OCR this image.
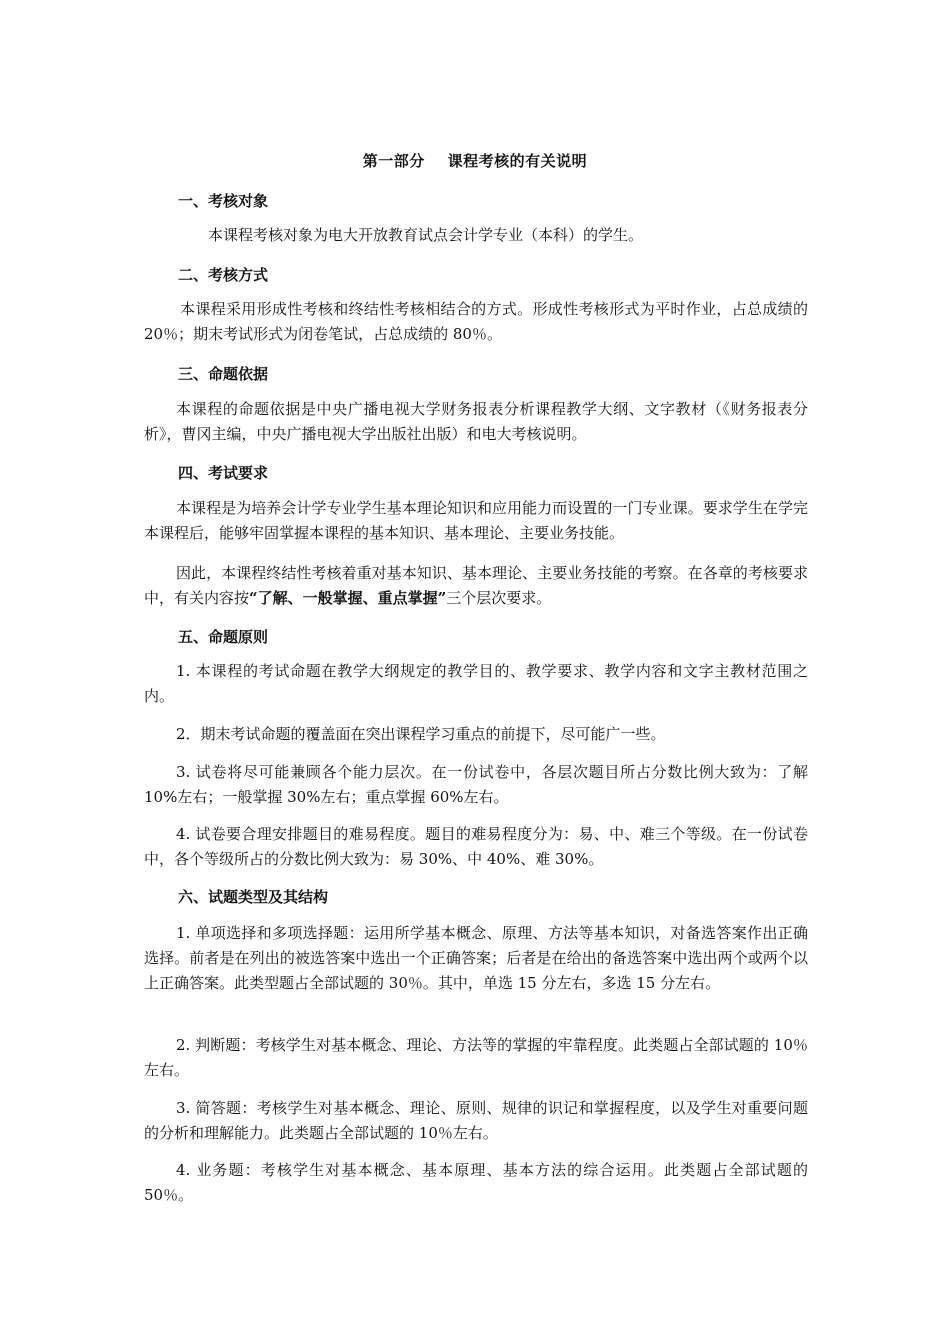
第一部分    课程考核的有关说明
一、考核对象
本课程考核对象为电大开放教育试点会计学专业（本科）的学生。
二、考核方式
本课程采用形成性考核和终结性考核相结合的方式。形成性考核形式为平时作业，占总成绩的 20％；期末考试形式为闭卷笔试，占总成绩的 80％。
三、命题依据
本课程的命题依据是中央广播电视大学财务报表分析课程教学大纲、文字教材（《财务报表分析》，曹冈主编，中央广播电视大学出版社出版）和电大考核说明。
四、考试要求
本课程是为培养会计学专业学生基本理论知识和应用能力而设置的一门专业课。要求学生在学完本课程后，能够牢固掌握本课程的基本知识、基本理论、主要业务技能。
因此，本课程终结性考核着重对基本知识、基本理论、主要业务技能的考察。在各章的考核要求中，有关内容按“了解、一般掌握、重点掌握”三个层次要求。
五、命题原则
1. 本课程的考试命题在教学大纲规定的教学目的、教学要求、教学内容和文字主教材范围之内。
2．期末考试命题的覆盖面在突出课程学习重点的前提下，尽可能广一些。
3. 试卷将尽可能兼顾各个能力层次。在一份试卷中，各层次题目所占分数比例大致为：了解 10%左右；一般掌握 30%左右；重点掌握 60%左右。
4. 试卷要合理安排题目的难易程度。题目的难易程度分为：易、中、难三个等级。在一份试卷中，各个等级所占的分数比例大致为：易 30%、中 40%、难 30%。
六、试题类型及其结构
1. 单项选择和多项选择题：运用所学基本概念、原理、方法等基本知识，对备选答案作出正确选择。前者是在列出的被选答案中选出一个正确答案；后者是在给出的备选答案中选出两个或两个以上正确答案。此类型题占全部试题的 30％。其中，单选 15 分左右，多选 15 分左右。
2. 判断题：考核学生对基本概念、理论、方法等的掌握的牢靠程度。此类题占全部试题的 10％左右。
3. 简答题：考核学生对基本概念、理论、原则、规律的识记和掌握程度，以及学生对重要问题的分析和理解能力。此类题占全部试题的 10％左右。
4. 业务题：考核学生对基本概念、基本原理、基本方法的综合运用。此类题占全部试题的 50％。
